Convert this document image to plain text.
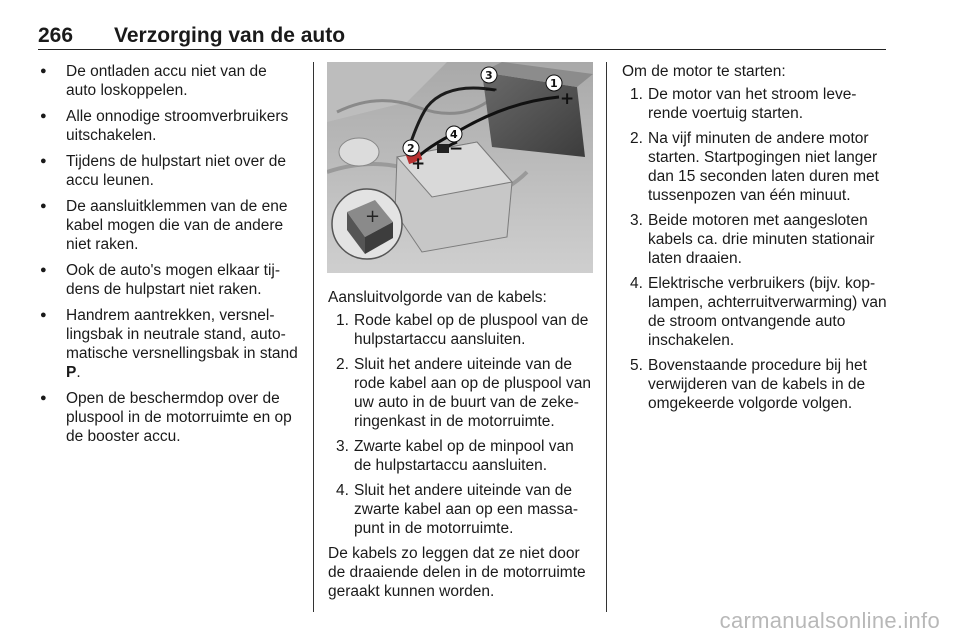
266 Verzorging van de auto
● De ontladen accu niet van de auto loskoppelen.
● Alle onnodige stroomverbruikers uitschakelen.
● Tijdens de hulpstart niet over de accu leunen.
● De aansluitklemmen van de ene kabel mogen die van de andere niet raken.
● Ook de auto's mogen elkaar tij-dens de hulpstart niet raken.
● Handrem aantrekken, versnel-lingsbak in neutrale stand, auto-matische versnellingsbak in stand P.
● Open de beschermdop over de pluspool in de motorruimte en op de booster accu.
+
1
2
3
4
+
−
−
+

Aansluitvolgorde van de kabels:

1. Rode kabel op de pluspool van de hulpstartaccu aansluiten.
2. Sluit het andere uiteinde van de rode kabel aan op de pluspool van uw auto in de buurt van de zeke-ringenkast in de motorruimte.
3. Zwarte kabel op de minpool van de hulpstartaccu aansluiten.
4. Sluit het andere uiteinde van de zwarte kabel aan op een massa-punt in de motorruimte.

De kabels zo leggen dat ze niet door de draaiende delen in de motorruimte geraakt kunnen worden.

Om de motor te starten:

1. De motor van het stroom leve-rende voertuig starten.
2. Na vijf minuten de andere motor starten. Startpogingen niet langer dan 15 seconden laten duren met tussenpozen van één minuut.
3. Beide motoren met aangesloten kabels ca. drie minuten stationair laten draaien.
4. Elektrische verbruikers (bijv. kop-lampen, achterruitverwarming) van de stroom ontvangende auto inschakelen.
5. Bovenstaande procedure bij het verwijderen van de kabels in de omgekeerde volgorde volgen.
carmanualsonline.info
